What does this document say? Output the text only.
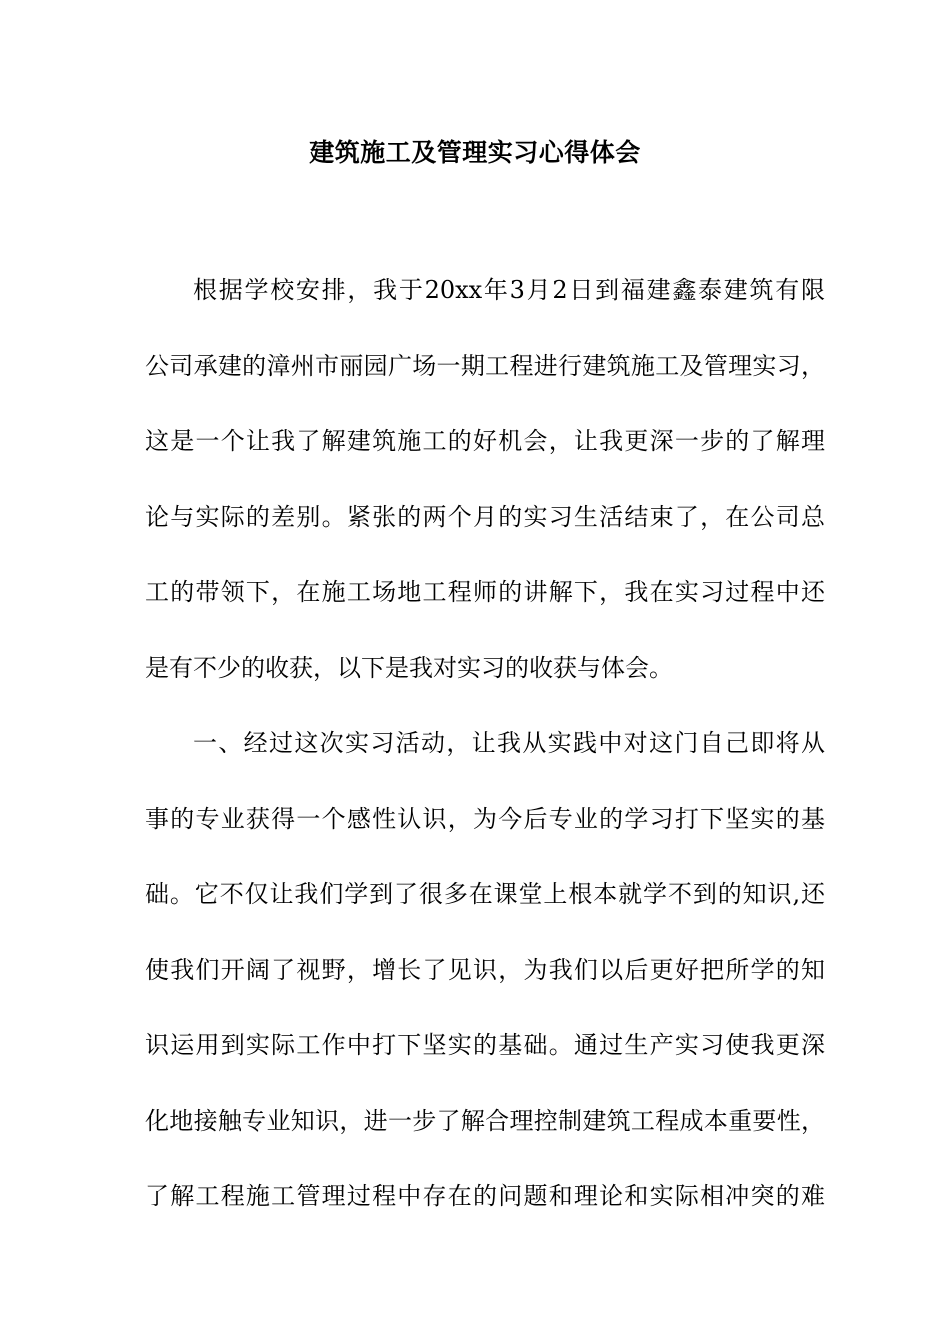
建筑施工及管理实习心得体会
根据学校安排，我于20xx年3月2日到福建鑫泰建筑有限
公司承建的漳州市丽园广场一期工程进行建筑施工及管理实习，
这是一个让我了解建筑施工的好机会，让我更深一步的了解理
论与实际的差别。紧张的两个月的实习生活结束了，在公司总
工的带领下，在施工场地工程师的讲解下，我在实习过程中还
是有不少的收获，以下是我对实习的收获与体会。
一、经过这次实习活动，让我从实践中对这门自己即将从
事的专业获得一个感性认识，为今后专业的学习打下坚实的基
础。它不仅让我们学到了很多在课堂上根本就学不到的知识,还
使我们开阔了视野，增长了见识，为我们以后更好把所学的知
识运用到实际工作中打下坚实的基础。通过生产实习使我更深
化地接触专业知识，进一步了解合理控制建筑工程成本重要性，
了解工程施工管理过程中存在的问题和理论和实际相冲突的难
